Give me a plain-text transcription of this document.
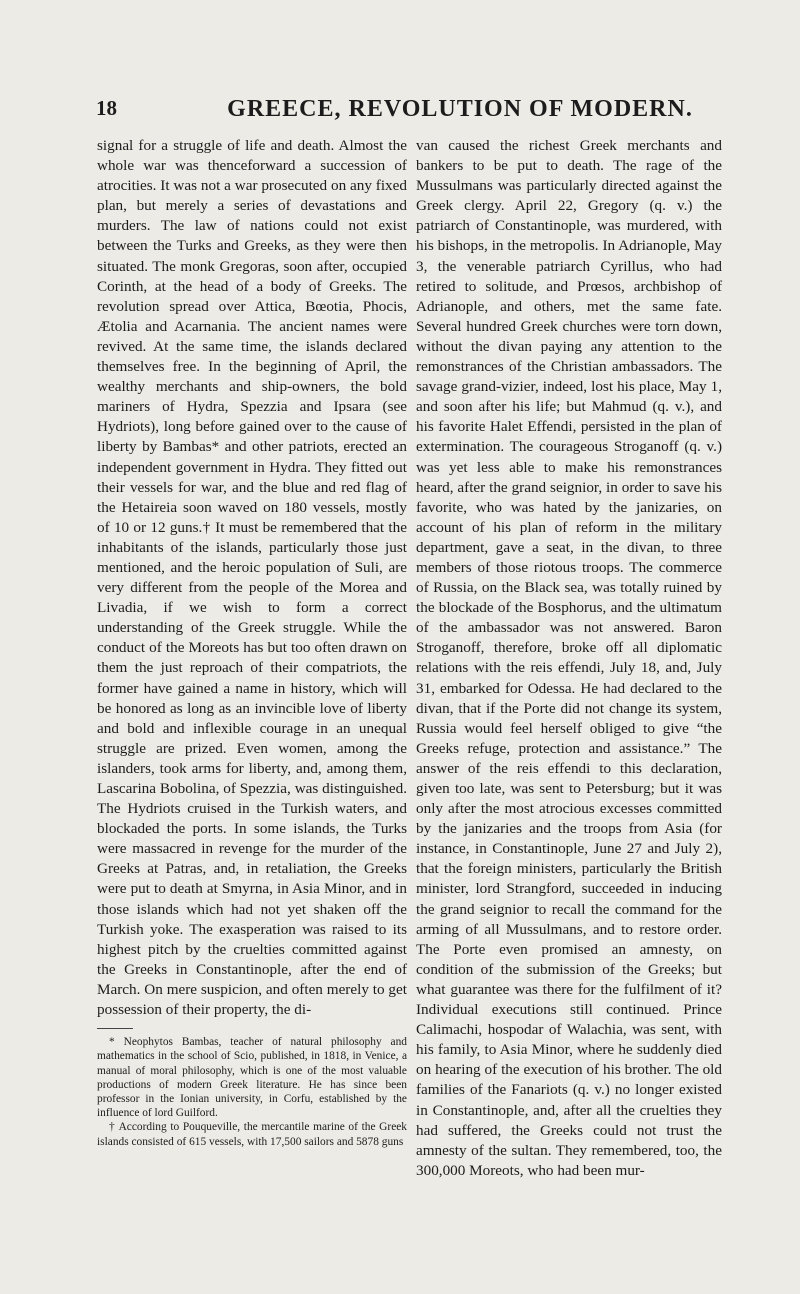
18	GREECE, REVOLUTION OF MODERN.

signal for a struggle of life and death. Almost the whole war was thenceforward a succession of atrocities. It was not a war prosecuted on any fixed plan, but merely a series of devastations and murders. The law of nations could not exist between the Turks and Greeks, as they were then situated. The monk Gregoras, soon after, occupied Corinth, at the head of a body of Greeks. The revolution spread over Attica, Bœotia, Phocis, Ætolia and Acarnania. The ancient names were revived. At the same time, the islands declared themselves free. In the beginning of April, the wealthy merchants and ship-owners, the bold mariners of Hydra, Spezzia and Ipsara (see Hydriots), long before gained over to the cause of liberty by Bambas* and other patriots, erected an independent government in Hydra. They fitted out their vessels for war, and the blue and red flag of the Hetaireia soon waved on 180 vessels, mostly of 10 or 12 guns.† It must be remembered that the inhabitants of the islands, particularly those just mentioned, and the heroic population of Suli, are very different from the people of the Morea and Livadia, if we wish to form a correct understanding of the Greek struggle. While the conduct of the Moreots has but too often drawn on them the just reproach of their compatriots, the former have gained a name in history, which will be honored as long as an invincible love of liberty and bold and inflexible courage in an unequal struggle are prized. Even women, among the islanders, took arms for liberty, and, among them, Lascarina Bobolina, of Spezzia, was distinguished. The Hydriots cruised in the Turkish waters, and blockaded the ports. In some islands, the Turks were massacred in revenge for the murder of the Greeks at Patras, and, in retaliation, the Greeks were put to death at Smyrna, in Asia Minor, and in those islands which had not yet shaken off the Turkish yoke. The exasperation was raised to its highest pitch by the cruelties committed against the Greeks in Constantinople, after the end of March. On mere suspicion, and often merely to get possession of their property, the di-

* Neophytos Bambas, teacher of natural philosophy and mathematics in the school of Scio, published, in 1818, in Venice, a manual of moral philosophy, which is one of the most valuable productions of modern Greek literature. He has since been professor in the Ionian university, in Corfu, established by the influence of lord Guilford.

† According to Pouqueville, the mercantile marine of the Greek islands consisted of 615 vessels, with 17,500 sailors and 5878 guns

van caused the richest Greek merchants and bankers to be put to death. The rage of the Mussulmans was particularly directed against the Greek clergy. April 22, Gregory (q. v.) the patriarch of Constantinople, was murdered, with his bishops, in the metropolis. In Adrianople, May 3, the venerable patriarch Cyrillus, who had retired to solitude, and Prœsos, archbishop of Adrianople, and others, met the same fate. Several hundred Greek churches were torn down, without the divan paying any attention to the remonstrances of the Christian ambassadors. The savage grand-vizier, indeed, lost his place, May 1, and soon after his life; but Mahmud (q. v.), and his favorite Halet Effendi, persisted in the plan of extermination. The courageous Stroganoff (q. v.) was yet less able to make his remonstrances heard, after the grand seignior, in order to save his favorite, who was hated by the janizaries, on account of his plan of reform in the military department, gave a seat, in the divan, to three members of those riotous troops. The commerce of Russia, on the Black sea, was totally ruined by the blockade of the Bosphorus, and the ultimatum of the ambassador was not answered. Baron Stroganoff, therefore, broke off all diplomatic relations with the reis effendi, July 18, and, July 31, embarked for Odessa. He had declared to the divan, that if the Porte did not change its system, Russia would feel herself obliged to give “the Greeks refuge, protection and assistance.” The answer of the reis effendi to this declaration, given too late, was sent to Petersburg; but it was only after the most atrocious excesses committed by the janizaries and the troops from Asia (for instance, in Constantinople, June 27 and July 2), that the foreign ministers, particularly the British minister, lord Strangford, succeeded in inducing the grand seignior to recall the command for the arming of all Mussulmans, and to restore order. The Porte even promised an amnesty, on condition of the submission of the Greeks; but what guarantee was there for the fulfilment of it? Individual executions still continued. Prince Calimachi, hospodar of Walachia, was sent, with his family, to Asia Minor, where he suddenly died on hearing of the execution of his brother. The old families of the Fanariots (q. v.) no longer existed in Constantinople, and, after all the cruelties they had suffered, the Greeks could not trust the amnesty of the sultan. They remembered, too, the 300,000 Moreots, who had been mur-
